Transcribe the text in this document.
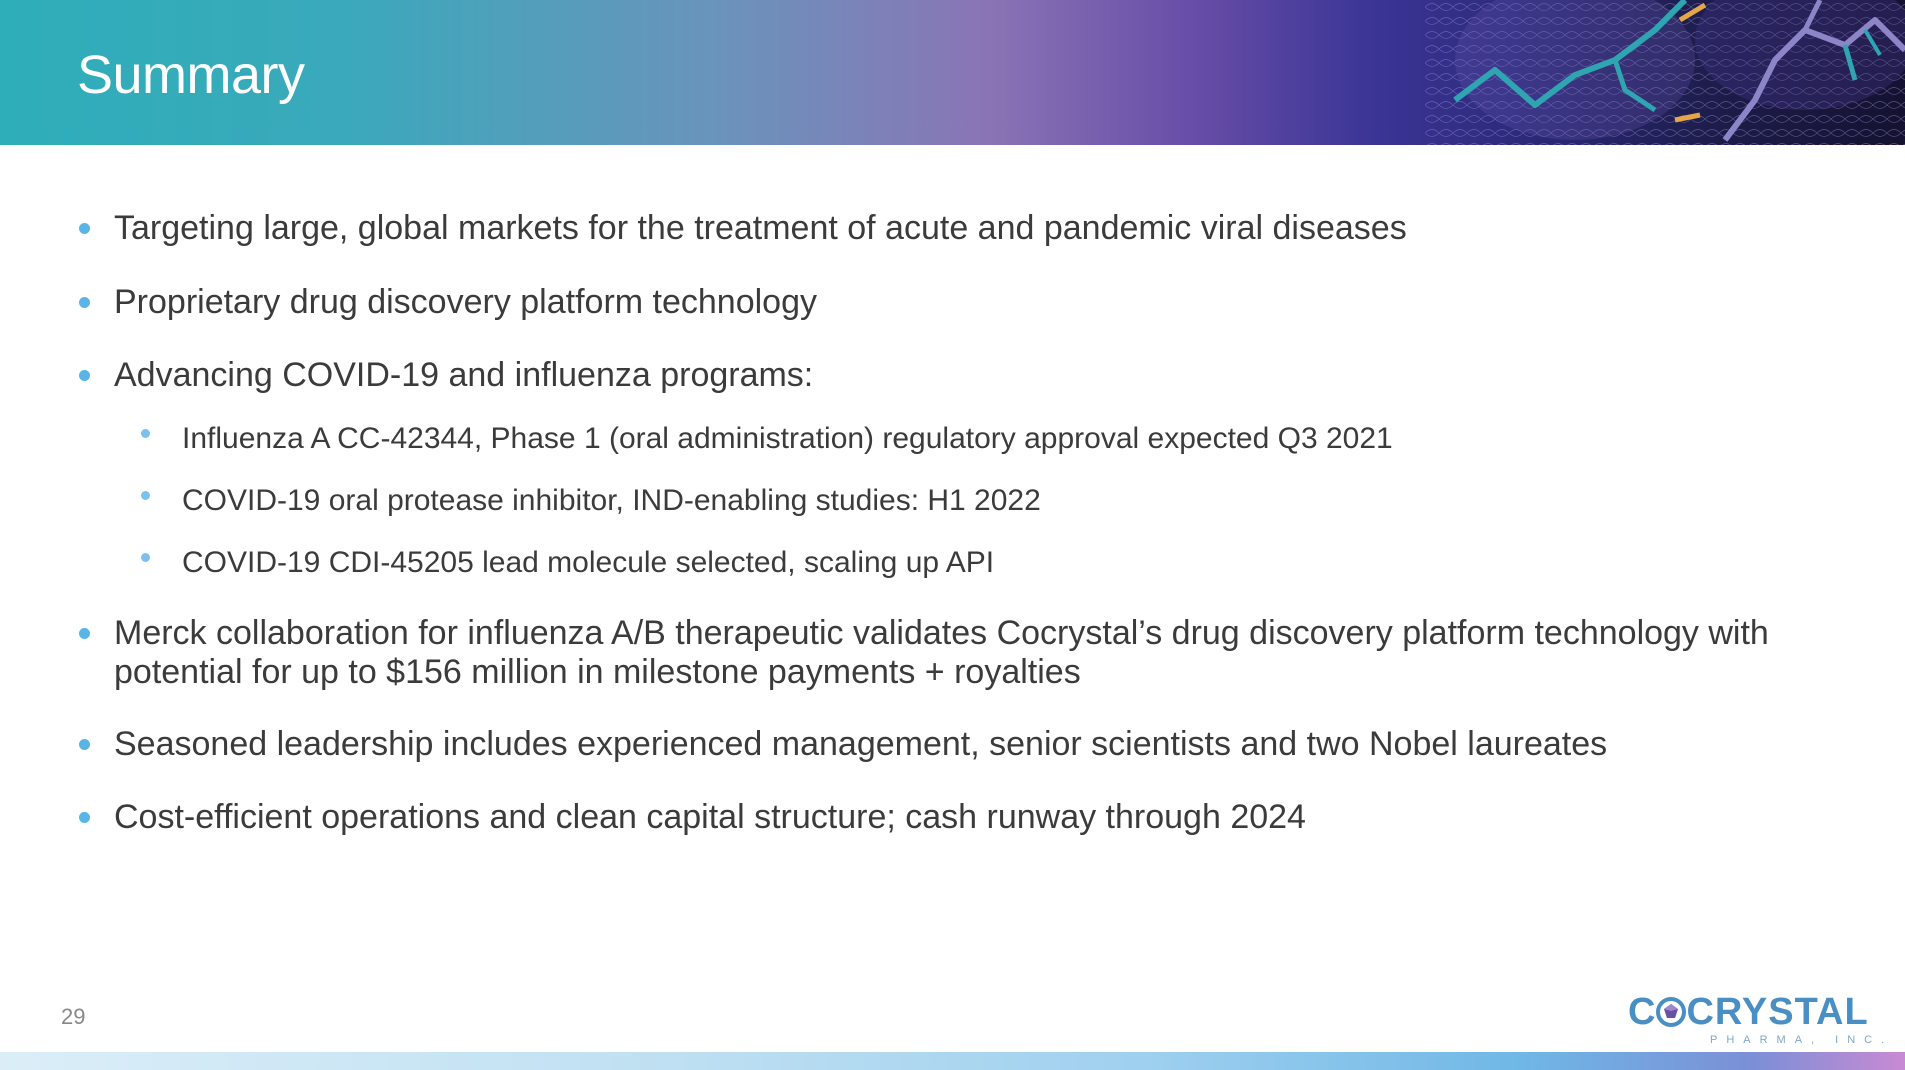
Summary
Targeting large, global markets for the treatment of acute and pandemic viral diseases
Proprietary drug discovery platform technology
Advancing COVID-19 and influenza programs:
Influenza A CC-42344, Phase 1 (oral administration) regulatory approval expected Q3 2021
COVID-19 oral protease inhibitor, IND-enabling studies: H1 2022
COVID-19 CDI-45205 lead molecule selected, scaling up API
Merck collaboration for influenza A/B therapeutic validates Cocrystal’s drug discovery platform technology with potential for up to $156 million in milestone payments + royalties
Seasoned leadership includes experienced management, senior scientists and two Nobel laureates
Cost-efficient operations and clean capital structure; cash runway through 2024
29	C CRYSTAL
PHARMA, INC.
